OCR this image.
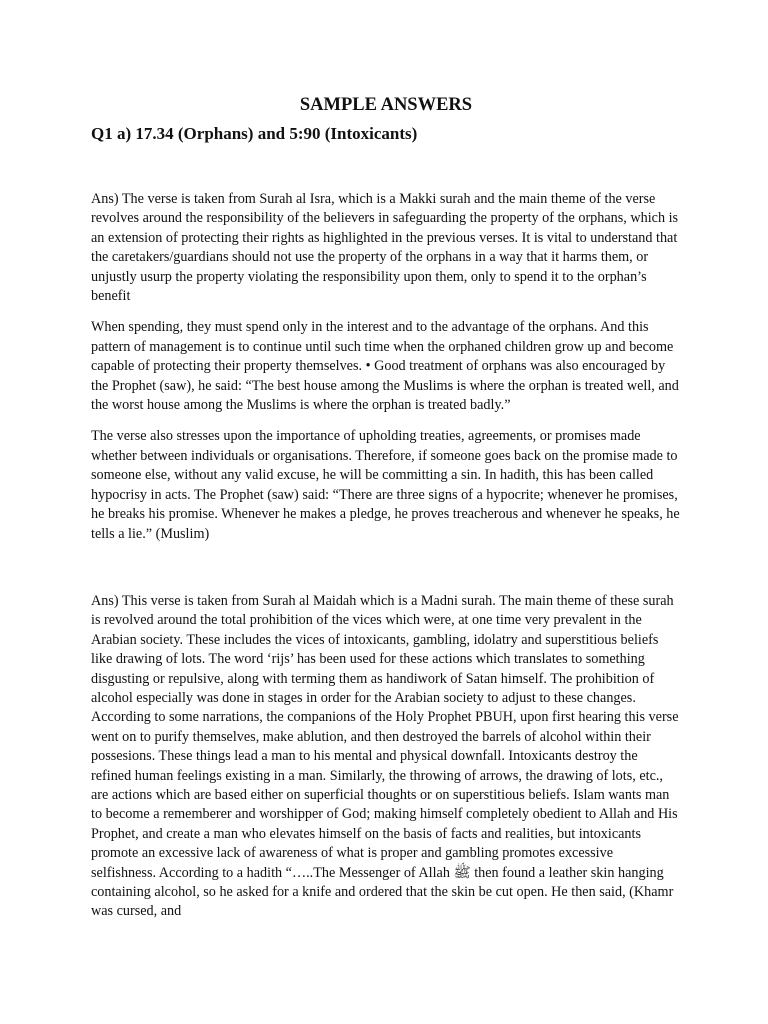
SAMPLE ANSWERS
Q1 a) 17.34 (Orphans) and 5:90 (Intoxicants)

Ans) The verse is taken from Surah al Isra, which is a Makki surah and the main theme of the verse revolves around the responsibility of the believers in safeguarding the property of the orphans, which is an extension of protecting their rights as highlighted in the previous verses. It is vital to understand that the caretakers/guardians should not use the property of the orphans in a way that it harms them, or unjustly usurp the property violating the responsibility upon them, only to spend it to the orphan’s benefit

When spending, they must spend only in the interest and to the advantage of the orphans. And this pattern of management is to continue until such time when the orphaned children grow up and become capable of protecting their property themselves. • Good treatment of orphans was also encouraged by the Prophet (saw), he said: “The best house among the Muslims is where the orphan is treated well, and the worst house among the Muslims is where the orphan is treated badly.”

The verse also stresses upon the importance of upholding treaties, agreements, or promises made whether between individuals or organisations. Therefore, if someone goes back on the promise made to someone else, without any valid excuse, he will be committing a sin. In hadith, this has been called hypocrisy in acts. The Prophet (saw) said: “There are three signs of a hypocrite; whenever he promises, he breaks his promise. Whenever he makes a pledge, he proves treacherous and whenever he speaks, he tells a lie.” (Muslim)

Ans) This verse is taken from Surah al Maidah which is a Madni surah. The main theme of these surah is revolved around the total prohibition of the vices which were, at one time very prevalent in the Arabian society. These includes the vices of intoxicants, gambling, idolatry and superstitious beliefs like drawing of lots. The word ‘rijs’ has been used for these actions which translates to something disgusting or repulsive, along with terming them as handiwork of Satan himself. The prohibition of alcohol especially was done in stages in order for the Arabian society to adjust to these changes. According to some narrations, the companions of the Holy Prophet PBUH, upon first hearing this verse went on to purify themselves, make ablution, and then destroyed the barrels of alcohol within their possesions. These things lead a man to his mental and physical downfall. Intoxicants destroy the refined human feelings existing in a man. Similarly, the throwing of arrows, the drawing of lots, etc., are actions which are based either on superficial thoughts or on superstitious beliefs. Islam wants man to become a rememberer and worshipper of God; making himself completely obedient to Allah and His Prophet, and create a man who elevates himself on the basis of facts and realities, but intoxicants promote an excessive lack of awareness of what is proper and gambling promotes excessive selfishness. According to a hadith “…..The Messenger of Allah ﷺ then found a leather skin hanging containing alcohol, so he asked for a knife and ordered that the skin be cut open. He then said, (Khamr was cursed, and
